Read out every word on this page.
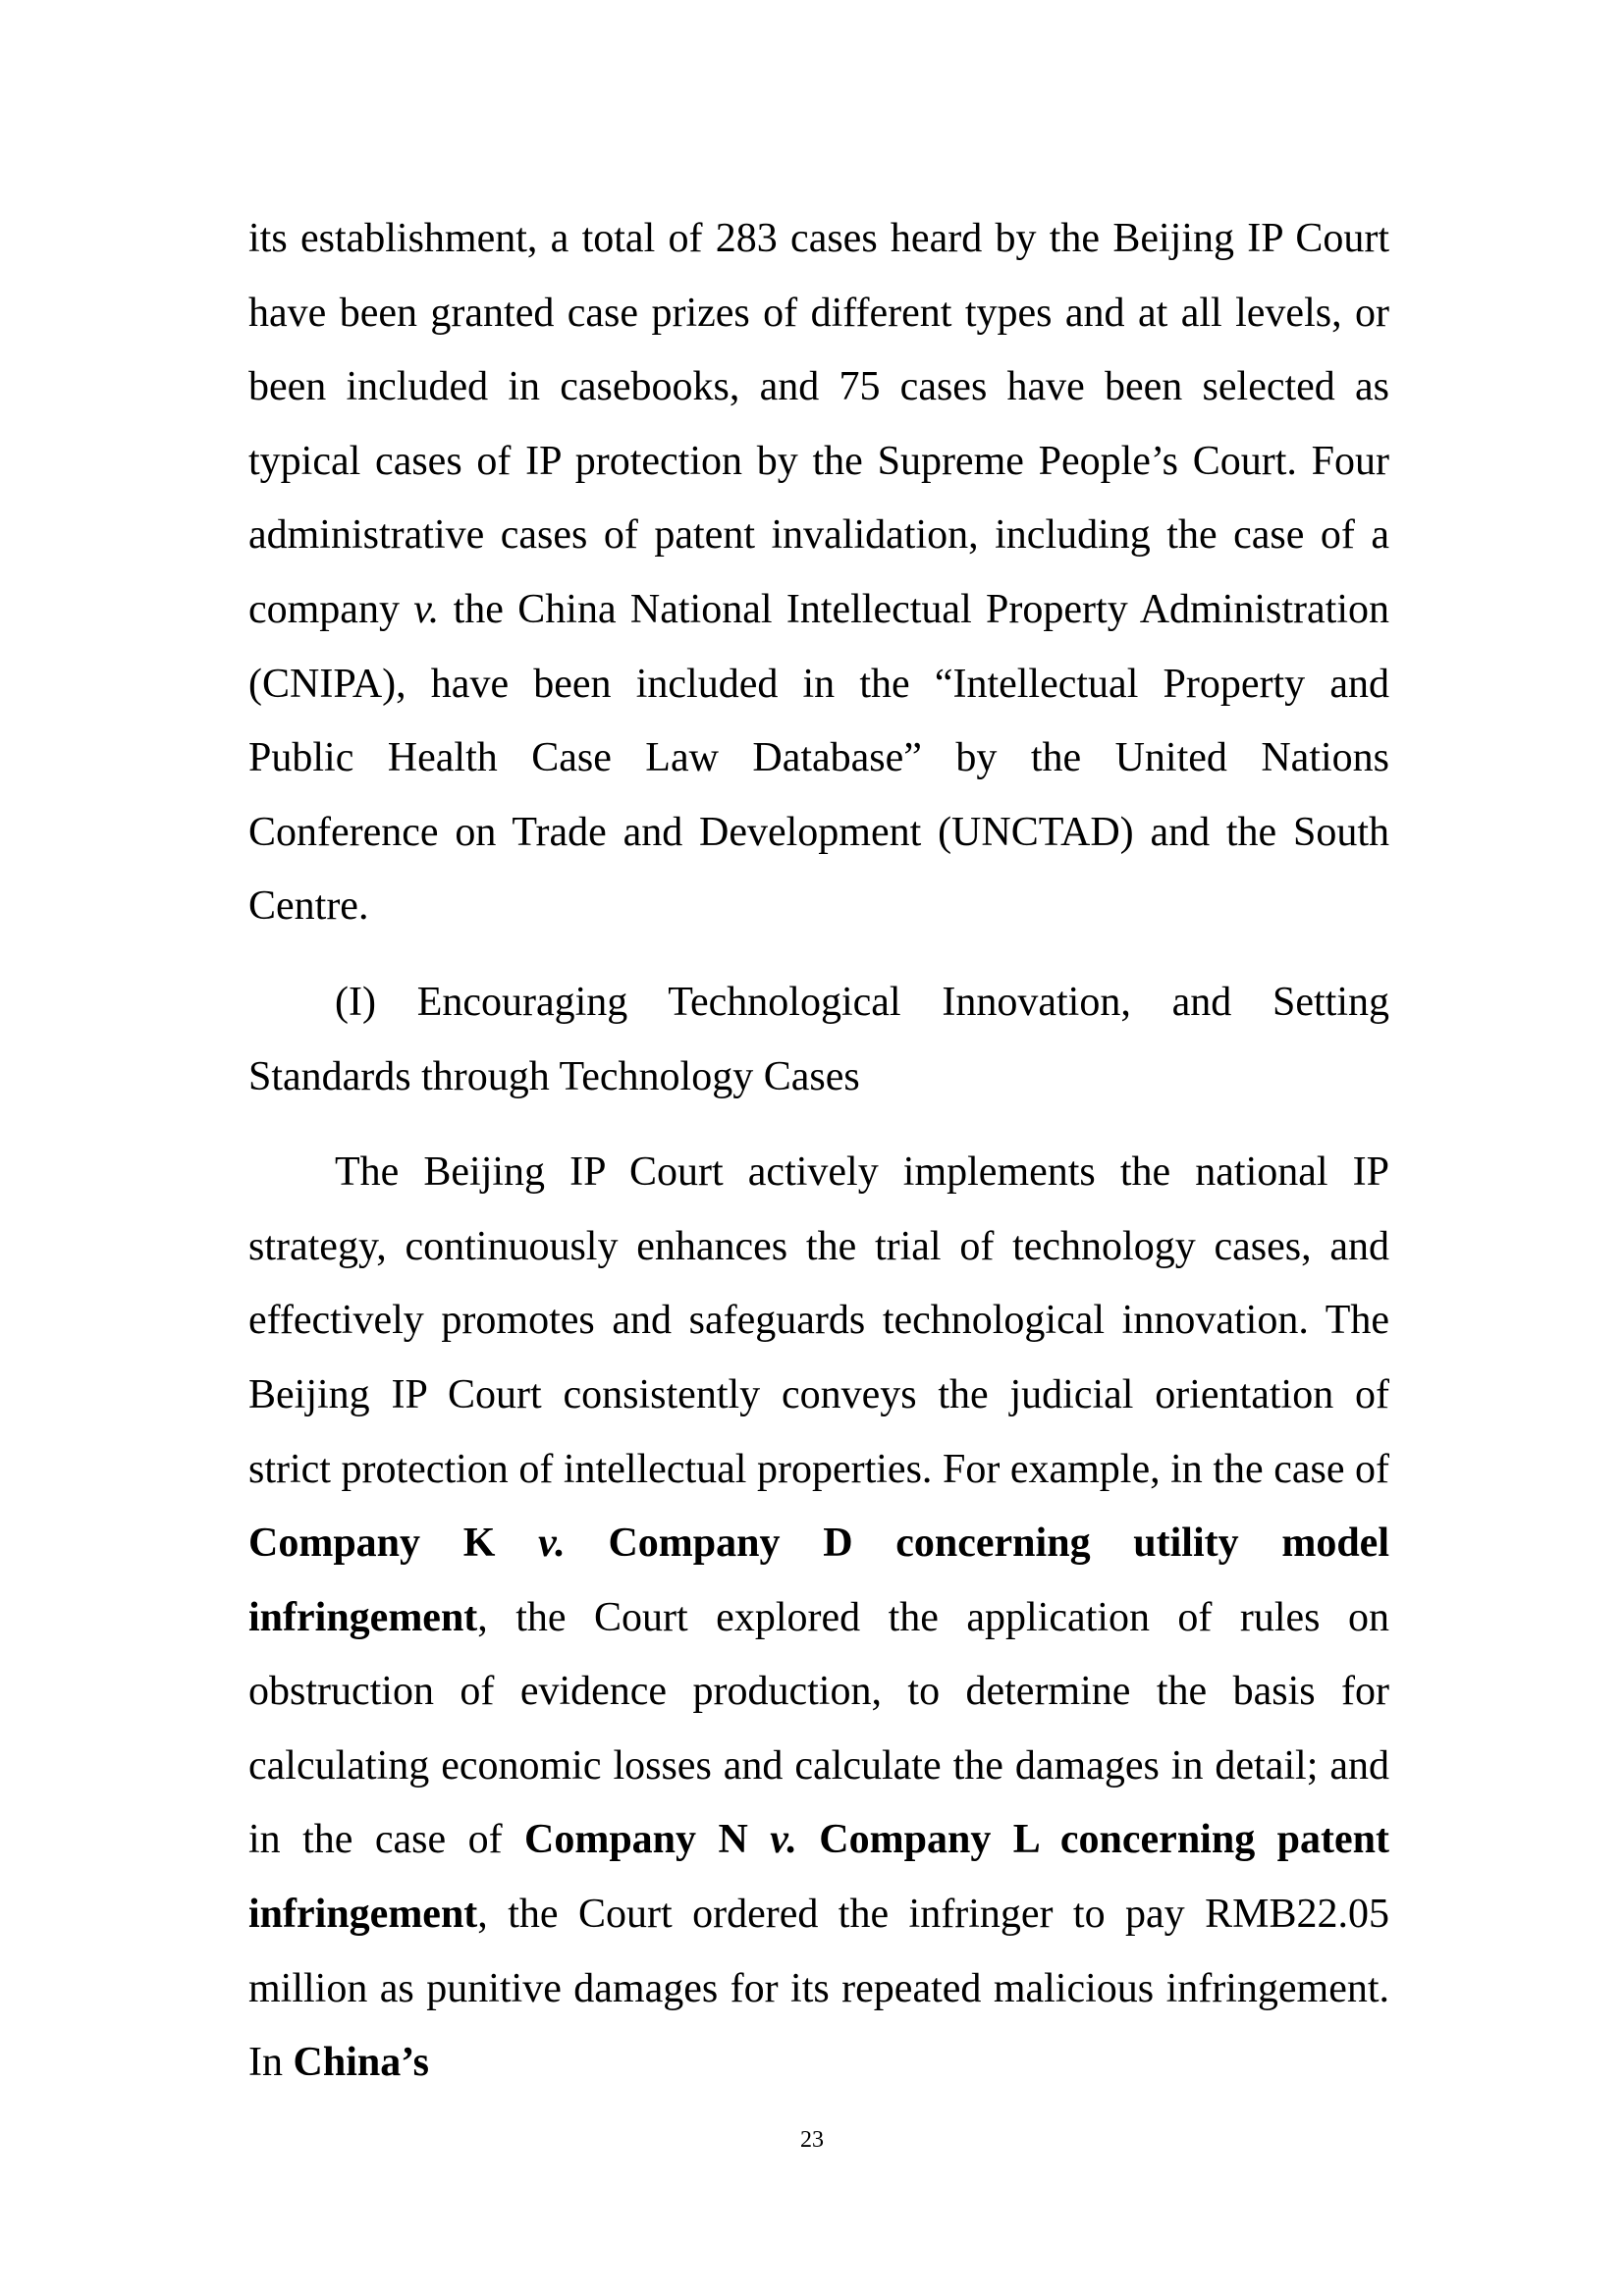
its establishment, a total of 283 cases heard by the Beijing IP Court have been granted case prizes of different types and at all levels, or been included in casebooks, and 75 cases have been selected as typical cases of IP protection by the Supreme People’s Court. Four administrative cases of patent invalidation, including the case of a company v. the China National Intellectual Property Administration (CNIPA), have been included in the “Intellectual Property and Public Health Case Law Database” by the United Nations Conference on Trade and Development (UNCTAD) and the South Centre.

(I) Encouraging Technological Innovation, and Setting Standards through Technology Cases

The Beijing IP Court actively implements the national IP strategy, continuously enhances the trial of technology cases, and effectively promotes and safeguards technological innovation. The Beijing IP Court consistently conveys the judicial orientation of strict protection of intellectual properties. For example, in the case of Company K v. Company D concerning utility model infringement, the Court explored the application of rules on obstruction of evidence production, to determine the basis for calculating economic losses and calculate the damages in detail; and in the case of Company N v. Company L concerning patent infringement, the Court ordered the infringer to pay RMB22.05 million as punitive damages for its repeated malicious infringement. In China’s

23
